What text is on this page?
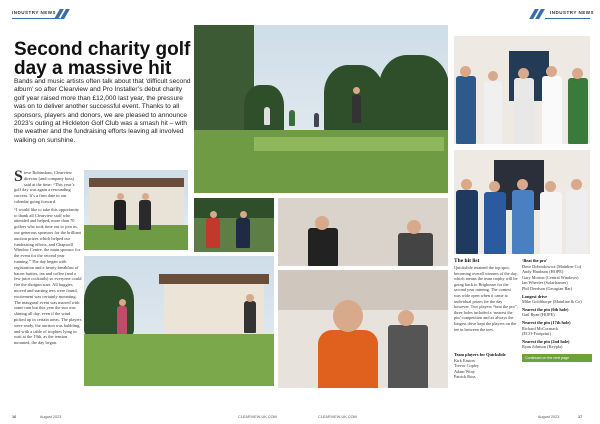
INDUSTRY NEWS	INDUSTRY NEWS
Second charity golf day a massive hit
Bands and music artists often talk about that ‘difficult second album’ so after Clearview and Pro Installer’s debut charity golf year raised more than £12,000 last year, the pressure was on to deliver another successful event. Thanks to all sponsors, players and donors, we are pleased to announce 2023’s outing at Hickleton Golf Club was a smash hit – with the weather and the fundraising efforts leaving all involved walking on sunshine.
Steve Robinshaw, Clearview director (and company boss) said at the time: “This year’s golf day was again a resounding success. It’s a firm date in our calendar going forward.

“I would like to take this opportunity to thank all Clearview staff who attended and helped, more than 70 golfers who took time out to join us, our generous sponsors for the brilliant auction prizes which helped our fundraising efforts, and Chapwell Window Centre, the main sponsor for the event for the second year running.” The day began with registration and a hearty breakfast of bacon butties, tea and coffee (and a few juice cocktails) so everyone could fire the shotgun start. All buggies moved and starting tees were found, excitement was certainly mounting. The inaugural event was marred with some rain but this year the sun was shining all day, even if the wind picked up in certain areas. The players were ready, the auction was bubbling, and with a table of trophies lying in wait at the 19th, as the tension mounted, the day began.

The hit list
Quickslide retained the top spot, becoming overall winners of the day, which means the team trophy will be going back to Brighouse for the second year running. The contest was wide open when it came to individual prizes for the day however. Two players “beat the pro”, three holes included a ‘nearest the pin’ competition and as always the longest drive kept the players on the tee in between the tees.
Team players for Quickslide
Kirk Easton
Trevor Copley
Adam Wray
Patrick Ross
‘Beat the pro’
Dave Dobrodowicz (Mainline Co)
Andy Hartburn (HOPE)
Gary Morton (Central Windows)
Ian Wheeler (Solarframes)
Phil Deedson (Georgian Bar)
Longest drive
Mike Goldthorpe (Mainline & Co)
Nearest the pin (6th hole)
Gail Ryan (HOPE)
Nearest the pin (17th hole)
Richard McCormack
(ECO-Footprint)
Nearest the pin (2nd hole)
Ryan Johnson (Keypla)
Continued on the next page
16	August 2023	CLEARVIEW-UK.COM	CLEARVIEW-UK.COM	August 2023	17
